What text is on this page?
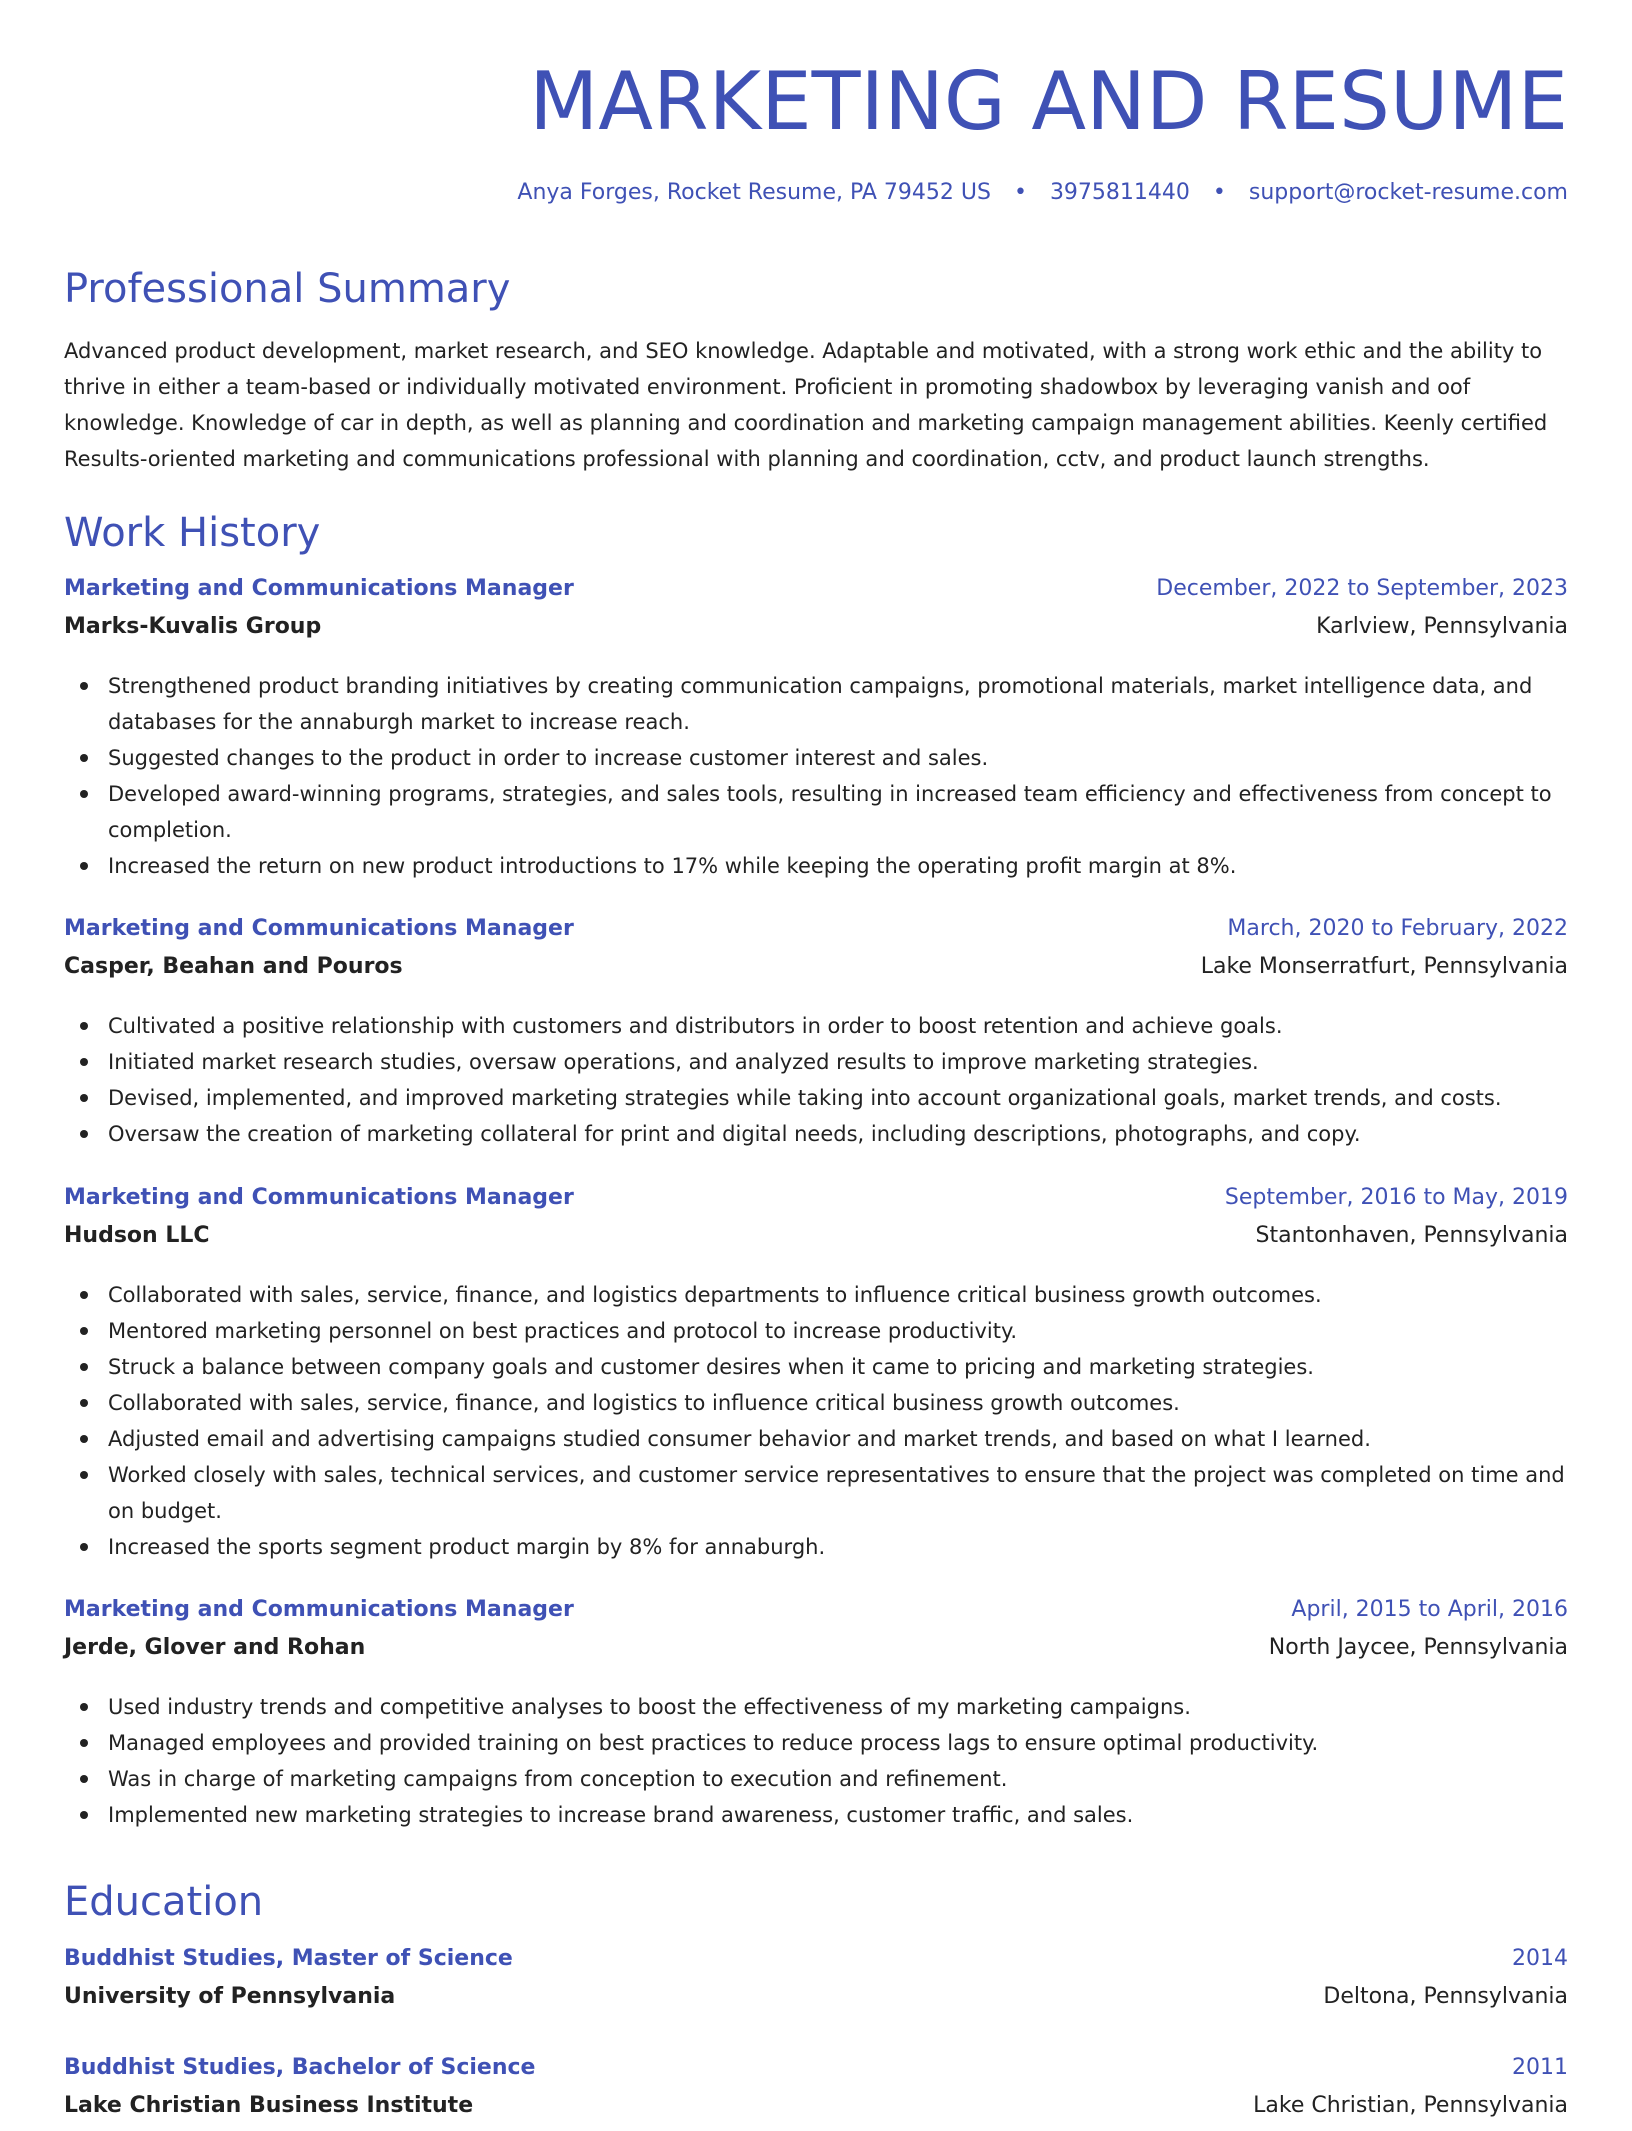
MARKETING AND RESUME
Anya Forges, Rocket Resume, PA 79452 US • 3975811440 • support@rocket-resume.com
Professional Summary

Advanced product development, market research, and SEO knowledge. Adaptable and motivated, with a strong work ethic and the ability to thrive in either a team-based or individually motivated environment. Proficient in promoting shadowbox by leveraging vanish and oof knowledge. Knowledge of car in depth, as well as planning and coordination and marketing campaign management abilities. Keenly certified Results-oriented marketing and communications professional with planning and coordination, cctv, and product launch strengths.

Work History
Marketing and Communications Manager	December, 2022 to September, 2023
Marks-Kuvalis Group	Karlview, Pennsylvania
Strengthened product branding initiatives by creating communication campaigns, promotional materials, market intelligence data, and databases for the annaburgh market to increase reach.
Suggested changes to the product in order to increase customer interest and sales.
Developed award-winning programs, strategies, and sales tools, resulting in increased team efficiency and effectiveness from concept to completion.
Increased the return on new product introductions to 17% while keeping the operating profit margin at 8%.
Marketing and Communications Manager	March, 2020 to February, 2022
Casper, Beahan and Pouros	Lake Monserratfurt, Pennsylvania
Cultivated a positive relationship with customers and distributors in order to boost retention and achieve goals.
Initiated market research studies, oversaw operations, and analyzed results to improve marketing strategies.
Devised, implemented, and improved marketing strategies while taking into account organizational goals, market trends, and costs.
Oversaw the creation of marketing collateral for print and digital needs, including descriptions, photographs, and copy.
Marketing and Communications Manager	September, 2016 to May, 2019
Hudson LLC	Stantonhaven, Pennsylvania
Collaborated with sales, service, finance, and logistics departments to influence critical business growth outcomes.
Mentored marketing personnel on best practices and protocol to increase productivity.
Struck a balance between company goals and customer desires when it came to pricing and marketing strategies.
Collaborated with sales, service, finance, and logistics to influence critical business growth outcomes.
Adjusted email and advertising campaigns studied consumer behavior and market trends, and based on what I learned.
Worked closely with sales, technical services, and customer service representatives to ensure that the project was completed on time and on budget.
Increased the sports segment product margin by 8% for annaburgh.
Marketing and Communications Manager	April, 2015 to April, 2016
Jerde, Glover and Rohan	North Jaycee, Pennsylvania
Used industry trends and competitive analyses to boost the effectiveness of my marketing campaigns.
Managed employees and provided training on best practices to reduce process lags to ensure optimal productivity.
Was in charge of marketing campaigns from conception to execution and refinement.
Implemented new marketing strategies to increase brand awareness, customer traffic, and sales.
Education
Buddhist Studies, Master of Science	2014
University of Pennsylvania	Deltona, Pennsylvania
Buddhist Studies, Bachelor of Science	2011
Lake Christian Business Institute	Lake Christian, Pennsylvania
